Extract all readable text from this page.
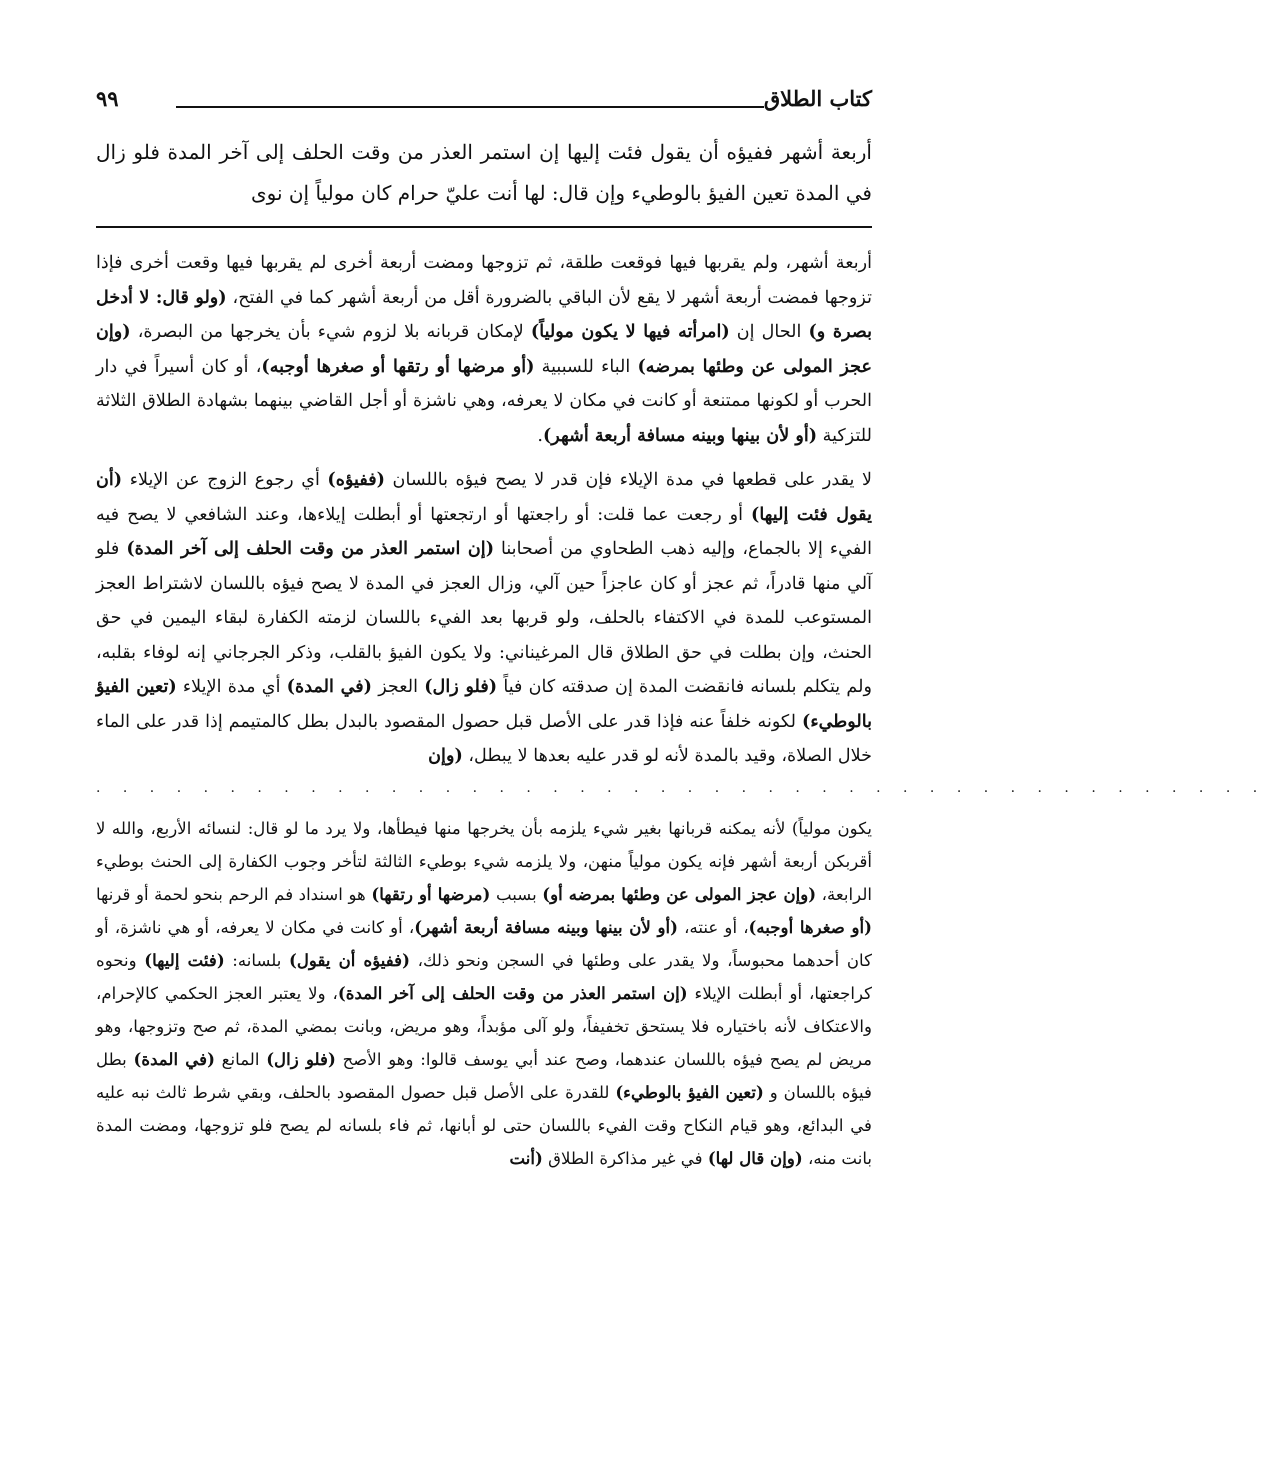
كتاب الطلاق
٩٩

أربعة أشهر ففيؤه أن يقول فئت إليها إن استمر العذر من وقت الحلف إلى آخر المدة فلو زال في المدة تعين الفيؤ بالوطيء وإن قال: لها أنت عليّ حرام كان مولياً إن نوى

أربعة أشهر، ولم يقربها فيها فوقعت طلقة، ثم تزوجها ومضت أربعة أخرى لم يقربها فيها وقعت أخرى فإذا تزوجها فمضت أربعة أشهر لا يقع لأن الباقي بالضرورة أقل من أربعة أشهر كما في الفتح، (ولو قال: لا أدخل بصرة و) الحال إن (امرأته فيها لا يكون مولياً) لإمكان قربانه بلا لزوم شيء بأن يخرجها من البصرة، (وإن عجز المولى عن وطئها بمرضه) الباء للسببية (أو مرضها أو رتقها أو صغرها أوجبه)، أو كان أسيراً في دار الحرب أو لكونها ممتنعة أو كانت في مكان لا يعرفه، وهي ناشزة أو أجل القاضي بينهما بشهادة الطلاق الثلاثة للتزكية (أو لأن بينها وبينه مسافة أربعة أشهر).

لا يقدر على قطعها في مدة الإيلاء فإن قدر لا يصح فيؤه باللسان (ففيؤه) أي رجوع الزوج عن الإيلاء (أن يقول فئت إليها) أو رجعت عما قلت: أو راجعتها أو ارتجعتها أو أبطلت إيلاءها، وعند الشافعي لا يصح فيه الفيء إلا بالجماع، وإليه ذهب الطحاوي من أصحابنا (إن استمر العذر من وقت الحلف إلى آخر المدة) فلو آلي منها قادراً، ثم عجز أو كان عاجزاً حين آلي، وزال العجز في المدة لا يصح فيؤه باللسان لاشتراط العجز المستوعب للمدة في الاكتفاء بالحلف، ولو قربها بعد الفيء باللسان لزمته الكفارة لبقاء اليمين في حق الحنث، وإن بطلت في حق الطلاق قال المرغيناني: ولا يكون الفيؤ بالقلب، وذكر الجرجاني إنه لوفاء بقلبه، ولم يتكلم بلسانه فانقضت المدة إن صدقته كان فياً (فلو زال) العجز (في المدة) أي مدة الإيلاء (تعين الفيؤ بالوطيء) لكونه خلفاً عنه فإذا قدر على الأصل قبل حصول المقصود بالبدل بطل كالمتيمم إذا قدر على الماء خلال الصلاة، وقيد بالمدة لأنه لو قدر عليه بعدها لا يبطل، (وإن

· · · · · · · · · · · · · · · · · · · · · · · · · · · · · · · · · · · · · · · · · · · ·

يكون مولياً) لأنه يمكنه قربانها بغير شيء يلزمه بأن يخرجها منها فيطأها، ولا يرد ما لو قال: لنسائه الأربع، والله لا أقربكن أربعة أشهر فإنه يكون مولياً منهن، ولا يلزمه شيء بوطيء الثالثة لتأخر وجوب الكفارة إلى الحنث بوطيء الرابعة، (وإن عجز المولى عن وطئها بمرضه أو) بسبب (مرضها أو رتقها) هو اسنداد فم الرحم بنحو لحمة أو قرنها (أو صغرها أوجبه)، أو عنته، (أو لأن بينها وبينه مسافة أربعة أشهر)، أو كانت في مكان لا يعرفه، أو هي ناشزة، أو كان أحدهما محبوساً، ولا يقدر على وطئها في السجن ونحو ذلك، (ففيؤه أن يقول) بلسانه: (فئت إليها) ونحوه كراجعتها، أو أبطلت الإيلاء (إن استمر العذر من وقت الحلف إلى آخر المدة)، ولا يعتبر العجز الحكمي كالإحرام، والاعتكاف لأنه باختياره فلا يستحق تخفيفاً، ولو آلى مؤبداً، وهو مريض، وبانت بمضي المدة، ثم صح وتزوجها، وهو مريض لم يصح فيؤه باللسان عندهما، وصح عند أبي يوسف قالوا: وهو الأصح (فلو زال) المانع (في المدة) بطل فيؤه باللسان و (تعين الفيؤ بالوطيء) للقدرة على الأصل قبل حصول المقصود بالحلف، وبقي شرط ثالث نبه عليه في البدائع، وهو قيام النكاح وقت الفيء باللسان حتى لو أبانها، ثم فاء بلسانه لم يصح فلو تزوجها، ومضت المدة بانت منه، (وإن قال لها) في غير مذاكرة الطلاق (أنت
